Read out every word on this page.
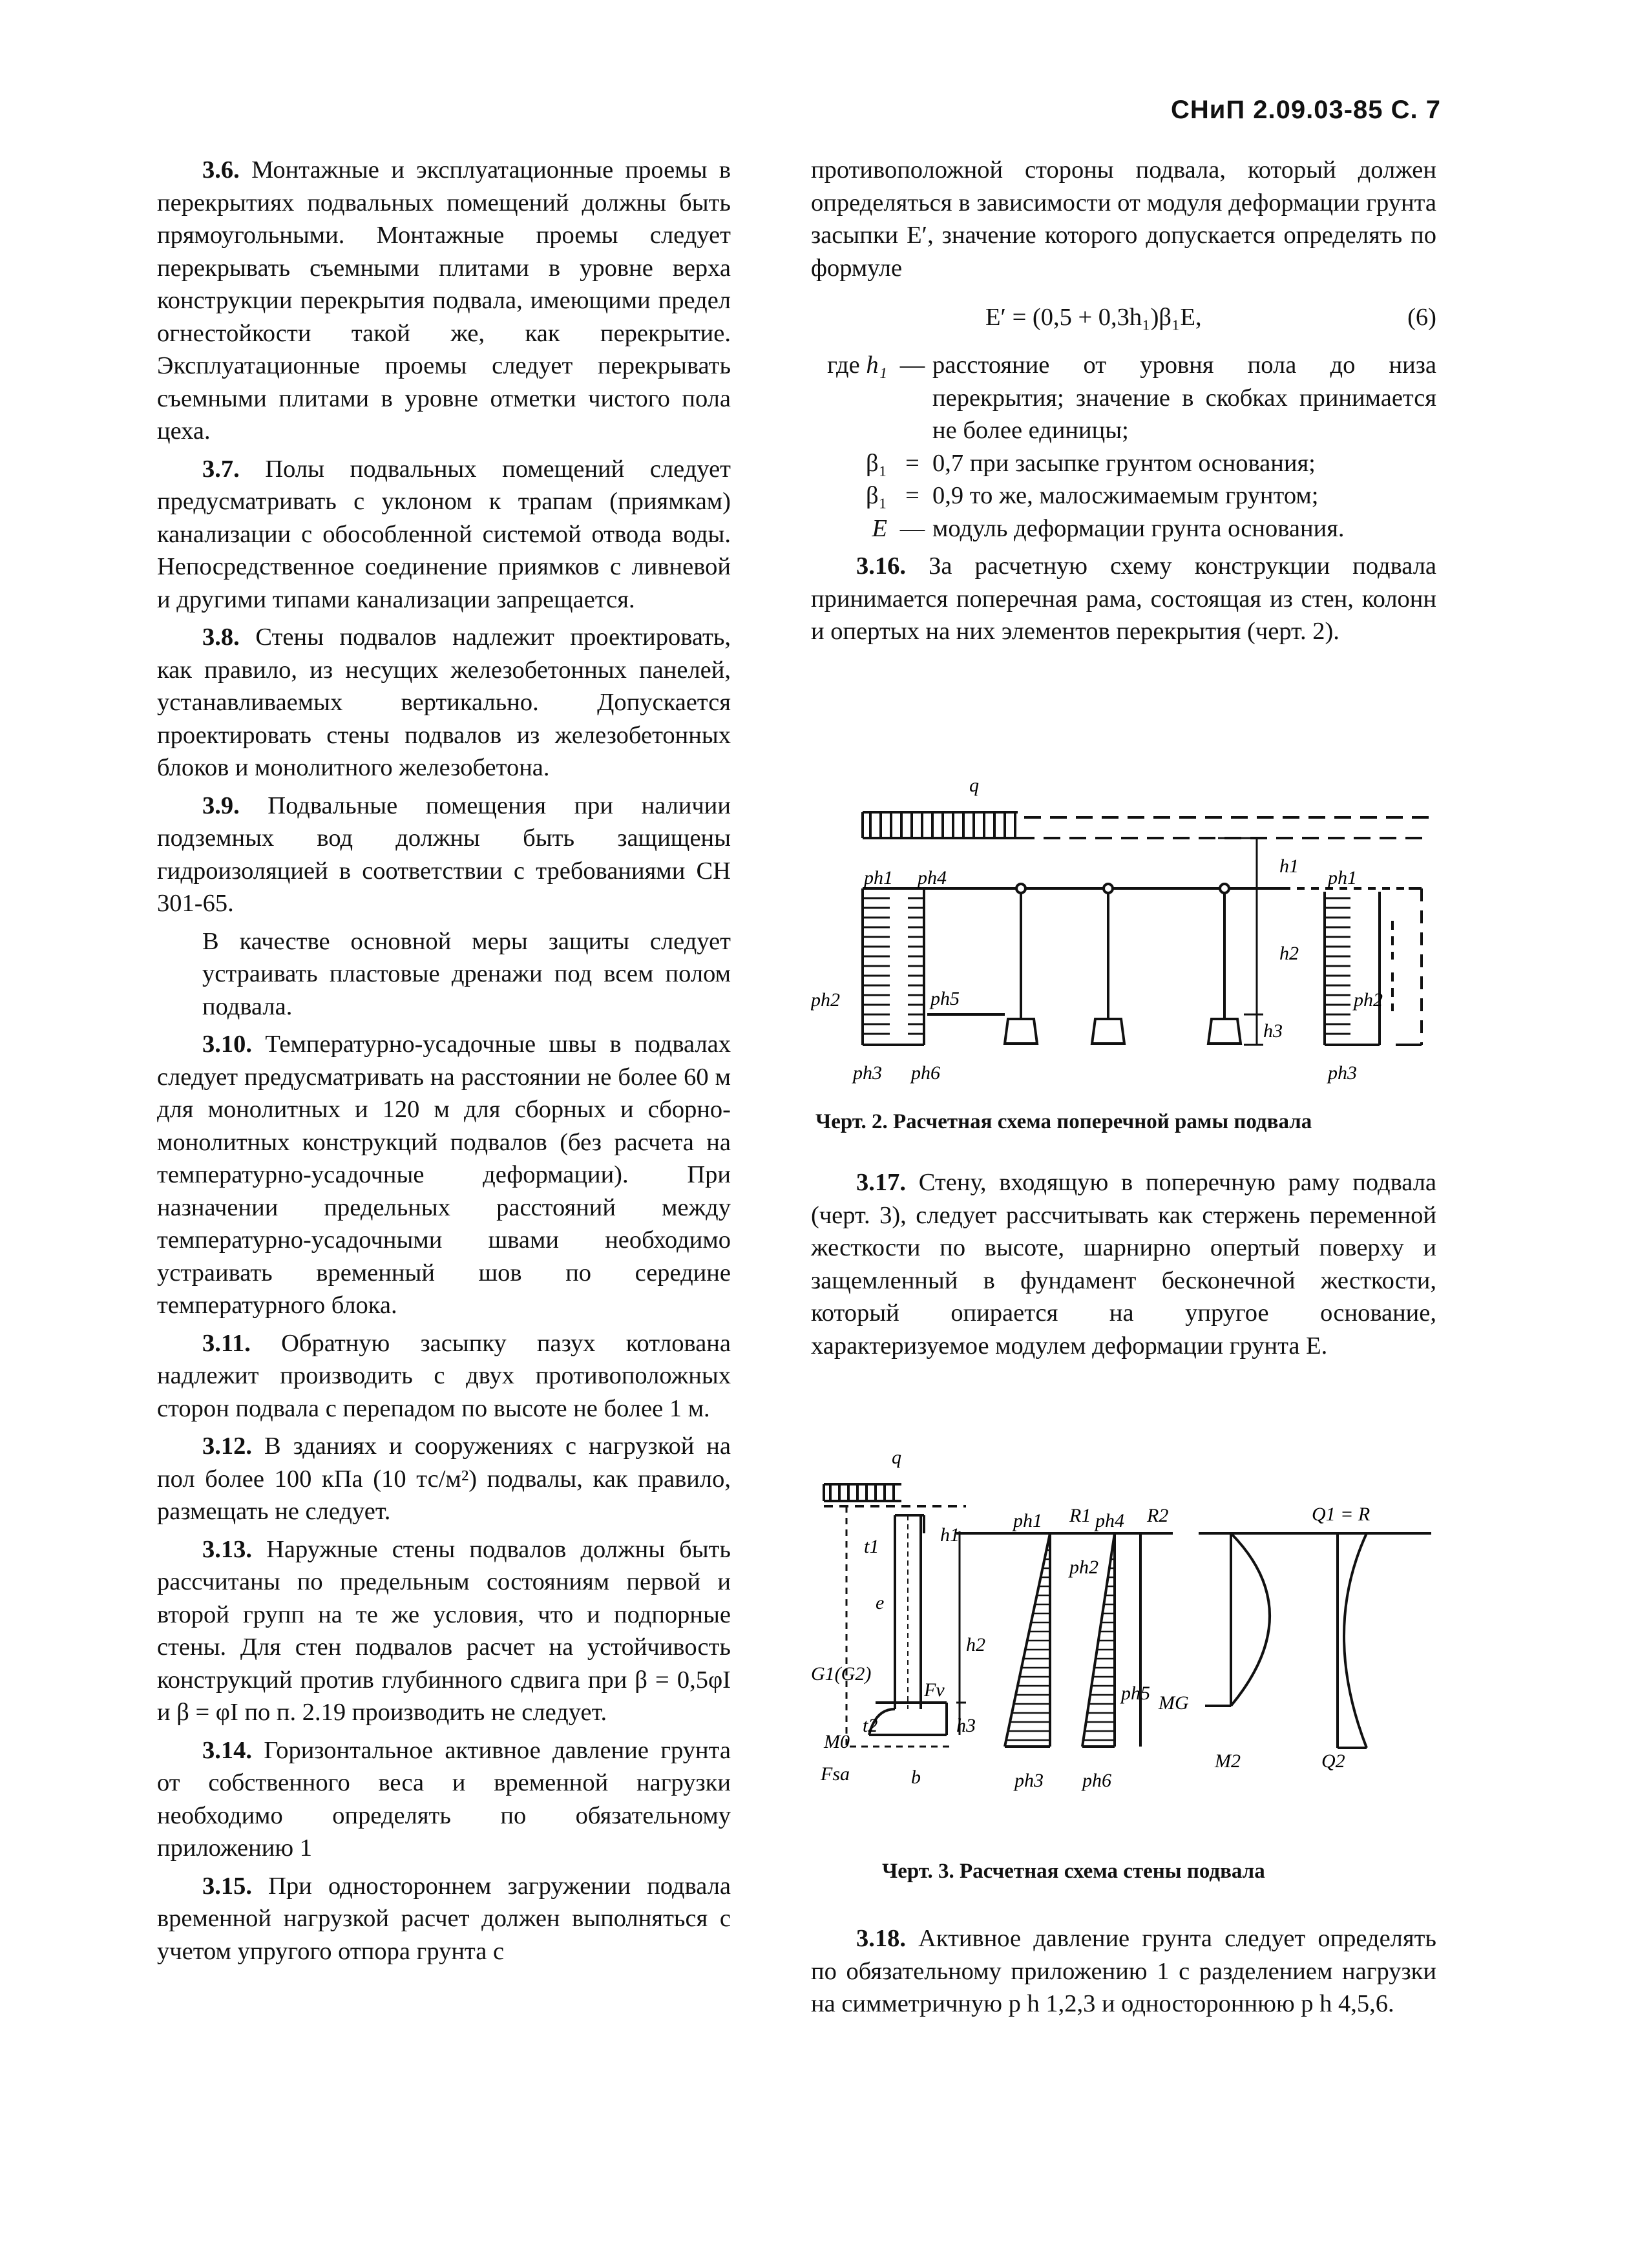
СНиП 2.09.03-85 С. 7

3.6. Монтажные и эксплуатационные проемы в перекрытиях подвальных помещений должны быть прямоугольными. Монтажные проемы следует перекрывать съемными плитами в уровне верха конструкции перекрытия подвала, имеющими предел огнестойкости такой же, как перекрытие. Эксплуатационные проемы следует перекрывать съемными плитами в уровне отметки чистого пола цеха.

3.7. Полы подвальных помещений следует предусматривать с уклоном к трапам (приямкам) канализации с обособленной системой отвода воды. Непосредственное соединение приямков с ливневой и другими типами канализации запрещается.

3.8. Стены подвалов надлежит проектировать, как правило, из несущих железобетонных панелей, устанавливаемых вертикально. Допускается проектировать стены подвалов из железобетонных блоков и монолитного железобетона.

3.9. Подвальные помещения при наличии подземных вод должны быть защищены гидроизоляцией в соответствии с требованиями СН 301-65.

В качестве основной меры защиты следует устраивать пластовые дренажи под всем полом подвала.

3.10. Температурно-усадочные швы в подвалах следует предусматривать на расстоянии не более 60 м для монолитных и 120 м для сборных и сборно-монолитных конструкций подвалов (без расчета на температурно-усадочные деформации). При назначении предельных расстояний между температурно-усадочными швами необходимо устраивать временный шов по середине температурного блока.

3.11. Обратную засыпку пазух котлована надлежит производить с двух противоположных сторон подвала с перепадом по высоте не более 1 м.

3.12. В зданиях и сооружениях с нагрузкой на пол более 100 кПа (10 тс/м²) подвалы, как правило, размещать не следует.

3.13. Наружные стены подвалов должны быть рассчитаны по предельным состояниям первой и второй групп на те же условия, что и подпорные стены. Для стен подвалов расчет на устойчивость конструкций против глубинного сдвига при β = 0,5φI и β = φI по п. 2.19 производить не следует.

3.14. Горизонтальное активное давление грунта от собственного веса и временной нагрузки необходимо определять по обязательному приложению 1

3.15. При одностороннем загружении подвала временной нагрузкой расчет должен выполняться с учетом упругого отпора грунта с

противоположной стороны подвала, который должен определяться в зависимости от модуля деформации грунта засыпки E′, значение которого допускается определять по формуле

E′ = (0,5 + 0,3h₁)β₁E,	(6)
где h₁	—	расстояние от уровня пола до низа перекрытия; значение в скобках принимается не более единицы;
β₁	=	0,7 при засыпке грунтом основания;
β₁	=	0,9 то же, малосжимаемым грунтом;
E	—	модуль деформации грунта основания.

3.16. За расчетную схему конструкции подвала принимается поперечная рама, состоящая из стен, колонн и опертых на них элементов перекрытия (черт. 2).

q
ph1 ph4	ph1
ph2	ph2
ph5
ph3 ph6	ph3
h1
h2
h3
Черт. 2. Расчетная схема поперечной рамы подвала

3.17. Стену, входящую в поперечную раму подвала (черт. 3), следует рассчитывать как стержень переменной жесткости по высоте, шарнирно опертый поверху и защемленный в фундамент бесконечной жесткости, который опирается на упругое основание, характеризуемое модулем деформации грунта E.

q
t1
h1
e
h2
G1(G2)
Fv
t2	h3
M0
Fsa	b
ph1 R1 ph4 R2
ph2
ph5 MG
ph3 ph6
Q1 = R
M2	Q2
Черт. 3. Расчетная схема стены подвала

3.18. Активное давление грунта следует определять по обязательному приложению 1 с разделением нагрузки на симметричную p h 1,2,3 и одностороннюю p h 4,5,6.
